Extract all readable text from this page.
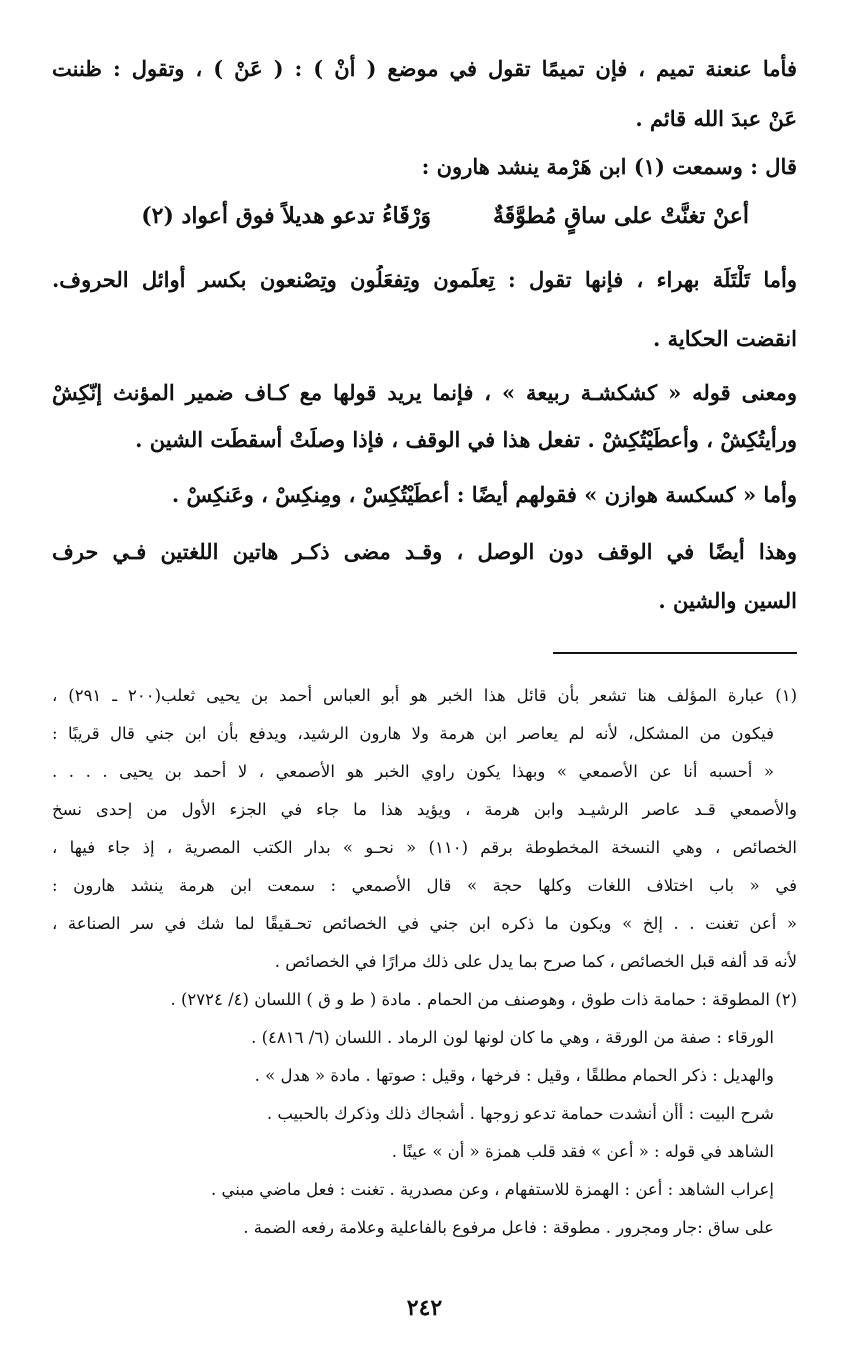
فأما عنعنة تميم ، فإن تميمًا تقول في موضع ( أنْ ) : ( عَنْ ) ، وتقول : ظننت
عَنْ عبدَ الله قائم .
قال : وسمعت (١) ابن هَرْمة ينشد هارون :
أعنْ تغنَّتْ على ساقٍ مُطوَّقَةٌ
وَرْقَاءُ تدعو هديلاً فوق أعواد (٢)
وأما تَلْتَلَة بهراء ، فإنها تقول : تِعلَمون وتِفعَلُون وتِصْنعون بكسر أوائل الحروف.
انقضت الحكاية .
ومعنى قوله « كشكشـة ربيعة » ، فإنما يريد قولها مع كـاف ضمير المؤنث إنّكِشْ
ورأيتُكِشْ ، وأعطَيْتُكِشْ . تفعل هذا في الوقف ، فإذا وصلَتْ أسقطَت الشين .
وأما « كسكسة هوازن » فقولهم أيضًا : أعطَيْتُكِسْ ، ومِنكِسْ ، وعَنكِسْ .
وهذا أيضًا في الوقف دون الوصل ، وقـد مضى ذكـر هاتين اللغتين فـي حرف
السين والشين .
(١) عبارة المؤلف هنا تشعر بأن قائل هذا الخبر هو أبو العباس أحمد بن يحيى ثعلب(٢٠٠ ـ ٢٩١) ،
فيكون من المشكل، لأنه لم يعاصر ابن هرمة ولا هارون الرشيد، ويدفع بأن ابن جني قال قريبًا :
« أحسبه أنا عن الأصمعي » وبهذا يكون راوي الخبر هو الأصمعي ، لا أحمد بن يحيى . . . .
والأصمعي قـد عاصر الرشيـد وابن هرمة ، ويؤيد هذا ما جاء في الجزء الأول من إحدى نسخ
الخصائص ، وهي النسخة المخطوطة برقم (١١٠) « نحـو » بدار الكتب المصرية ، إذ جاء فيها ،
في « باب اختلاف اللغات وكلها حجة » قال الأصمعي : سمعت ابن هرمة ينشد هارون :
« أعن تغنت . . إلخ » ويكون ما ذكره ابن جني في الخصائص تحـقيقًا لما شك في سر الصناعة ،
لأنه قد ألفه قبل الخصائص ، كما صرح بما يدل على ذلك مرارًا في الخصائص .
(٢) المطوقة : حمامة ذات طوق ، وهوصنف من الحمام . مادة ( ط و ق ) اللسان (٤/ ٢٧٢٤) .
الورقاء : صفة من الورقة ، وهي ما كان لونها لون الرماد . اللسان (٦/ ٤٨١٦) .
والهديل : ذكر الحمام مطلقًا ، وقيل : فرخها ، وقيل : صوتها . مادة « هدل » .
شرح البيت : أأن أنشدت حمامة تدعو زوجها . أشجاك ذلك وذكرك بالحبيب .
الشاهد في قوله : « أعن » فقد قلب همزة « أن » عينًا .
إعراب الشاهد : أعن : الهمزة للاستفهام ، وعن مصدرية . تغنت : فعل ماضي مبني .
على ساق :جار ومجرور . مطوقة : فاعل مرفوع بالفاعلية وعلامة رفعه الضمة .
٢٤٢
